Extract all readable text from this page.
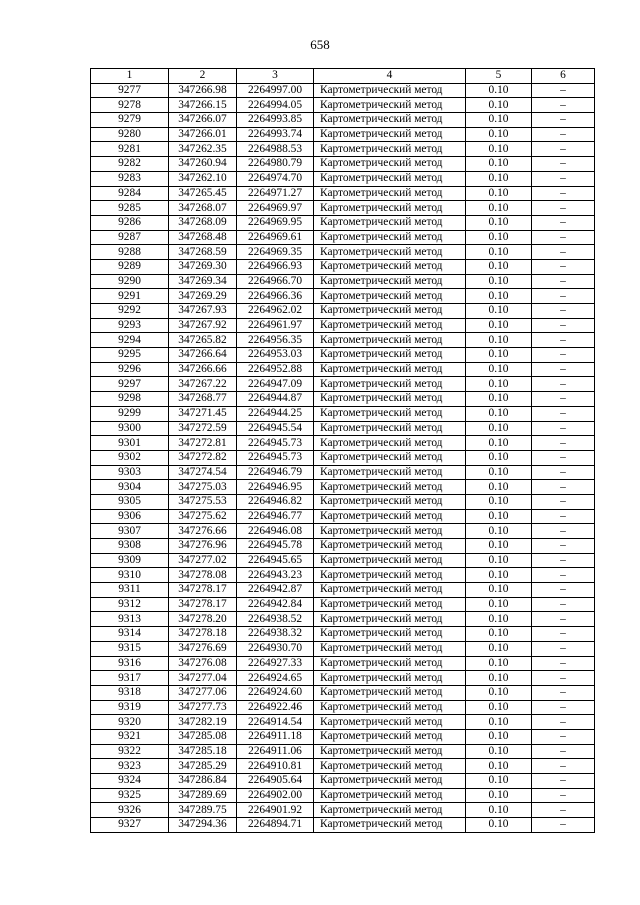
658
1	2	3	4	5	6
9277	347266.98	2264997.00	Картометрический метод	0.10	–
9278	347266.15	2264994.05	Картометрический метод	0.10	–
9279	347266.07	2264993.85	Картометрический метод	0.10	–
9280	347266.01	2264993.74	Картометрический метод	0.10	–
9281	347262.35	2264988.53	Картометрический метод	0.10	–
9282	347260.94	2264980.79	Картометрический метод	0.10	–
9283	347262.10	2264974.70	Картометрический метод	0.10	–
9284	347265.45	2264971.27	Картометрический метод	0.10	–
9285	347268.07	2264969.97	Картометрический метод	0.10	–
9286	347268.09	2264969.95	Картометрический метод	0.10	–
9287	347268.48	2264969.61	Картометрический метод	0.10	–
9288	347268.59	2264969.35	Картометрический метод	0.10	–
9289	347269.30	2264966.93	Картометрический метод	0.10	–
9290	347269.34	2264966.70	Картометрический метод	0.10	–
9291	347269.29	2264966.36	Картометрический метод	0.10	–
9292	347267.93	2264962.02	Картометрический метод	0.10	–
9293	347267.92	2264961.97	Картометрический метод	0.10	–
9294	347265.82	2264956.35	Картометрический метод	0.10	–
9295	347266.64	2264953.03	Картометрический метод	0.10	–
9296	347266.66	2264952.88	Картометрический метод	0.10	–
9297	347267.22	2264947.09	Картометрический метод	0.10	–
9298	347268.77	2264944.87	Картометрический метод	0.10	–
9299	347271.45	2264944.25	Картометрический метод	0.10	–
9300	347272.59	2264945.54	Картометрический метод	0.10	–
9301	347272.81	2264945.73	Картометрический метод	0.10	–
9302	347272.82	2264945.73	Картометрический метод	0.10	–
9303	347274.54	2264946.79	Картометрический метод	0.10	–
9304	347275.03	2264946.95	Картометрический метод	0.10	–
9305	347275.53	2264946.82	Картометрический метод	0.10	–
9306	347275.62	2264946.77	Картометрический метод	0.10	–
9307	347276.66	2264946.08	Картометрический метод	0.10	–
9308	347276.96	2264945.78	Картометрический метод	0.10	–
9309	347277.02	2264945.65	Картометрический метод	0.10	–
9310	347278.08	2264943.23	Картометрический метод	0.10	–
9311	347278.17	2264942.87	Картометрический метод	0.10	–
9312	347278.17	2264942.84	Картометрический метод	0.10	–
9313	347278.20	2264938.52	Картометрический метод	0.10	–
9314	347278.18	2264938.32	Картометрический метод	0.10	–
9315	347276.69	2264930.70	Картометрический метод	0.10	–
9316	347276.08	2264927.33	Картометрический метод	0.10	–
9317	347277.04	2264924.65	Картометрический метод	0.10	–
9318	347277.06	2264924.60	Картометрический метод	0.10	–
9319	347277.73	2264922.46	Картометрический метод	0.10	–
9320	347282.19	2264914.54	Картометрический метод	0.10	–
9321	347285.08	2264911.18	Картометрический метод	0.10	–
9322	347285.18	2264911.06	Картометрический метод	0.10	–
9323	347285.29	2264910.81	Картометрический метод	0.10	–
9324	347286.84	2264905.64	Картометрический метод	0.10	–
9325	347289.69	2264902.00	Картометрический метод	0.10	–
9326	347289.75	2264901.92	Картометрический метод	0.10	–
9327	347294.36	2264894.71	Картометрический метод	0.10	–
